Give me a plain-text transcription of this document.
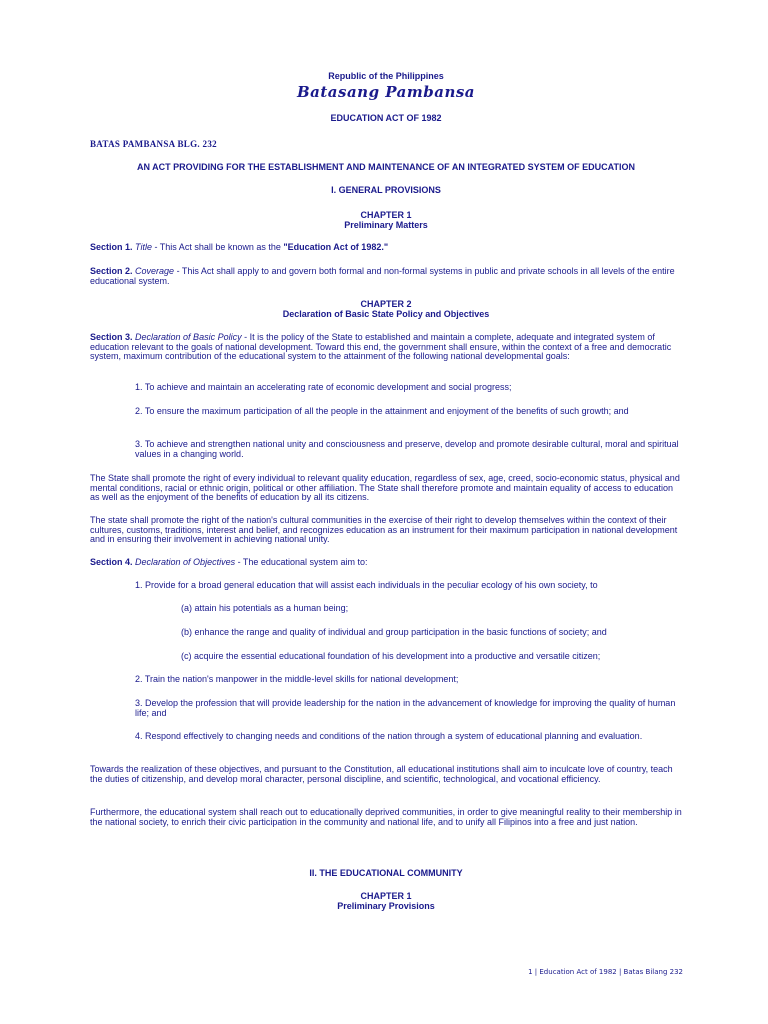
Republic of the Philippines
Batasang Pambansa
EDUCATION ACT OF 1982
BATAS PAMBANSA BLG. 232
AN ACT PROVIDING FOR THE ESTABLISHMENT AND MAINTENANCE OF AN INTEGRATED SYSTEM OF EDUCATION
I. GENERAL PROVISIONS
CHAPTER 1
Preliminary Matters

Section 1. Title - This Act shall be known as the "Education Act of 1982."

Section 2. Coverage - This Act shall apply to and govern both formal and non-formal systems in public and private schools in all levels of the entire educational system.

CHAPTER 2
Declaration of Basic State Policy and Objectives

Section 3. Declaration of Basic Policy - It is the policy of the State to established and maintain a complete, adequate and integrated system of education relevant to the goals of national development. Toward this end, the government shall ensure, within the context of a free and democratic system, maximum contribution of the educational system to the attainment of the following national developmental goals:

1. To achieve and maintain an accelerating rate of economic development and social progress;

2. To ensure the maximum participation of all the people in the attainment and enjoyment of the benefits of such growth; and

3. To achieve and strengthen national unity and consciousness and preserve, develop and promote desirable cultural, moral and spiritual values in a changing world.

The State shall promote the right of every individual to relevant quality education, regardless of sex, age, creed, socio-economic status, physical and mental conditions, racial or ethnic origin, political or other affiliation. The State shall therefore promote and maintain equality of access to education as well as the enjoyment of the benefits of education by all its citizens.

The state shall promote the right of the nation's cultural communities in the exercise of their right to develop themselves within the context of their cultures, customs, traditions, interest and belief, and recognizes education as an instrument for their maximum participation in national development and in ensuring their involvement in achieving national unity.

Section 4. Declaration of Objectives - The educational system aim to:

1. Provide for a broad general education that will assist each individuals in the peculiar ecology of his own society, to

(a) attain his potentials as a human being;

(b) enhance the range and quality of individual and group participation in the basic functions of society; and

(c) acquire the essential educational foundation of his development into a productive and versatile citizen;

2. Train the nation's manpower in the middle-level skills for national development;

3. Develop the profession that will provide leadership for the nation in the advancement of knowledge for improving the quality of human life; and

4. Respond effectively to changing needs and conditions of the nation through a system of educational planning and evaluation.

Towards the realization of these objectives, and pursuant to the Constitution, all educational institutions shall aim to inculcate love of country, teach the duties of citizenship, and develop moral character, personal discipline, and scientific, technological, and vocational efficiency.

Furthermore, the educational system shall reach out to educationally deprived communities, in order to give meaningful reality to their membership in the national society, to enrich their civic participation in the community and national life, and to unify all Filipinos into a free and just nation.

II. THE EDUCATIONAL COMMUNITY
CHAPTER 1
Preliminary Provisions
1 | Education Act of 1982 | Batas Bilang 232
